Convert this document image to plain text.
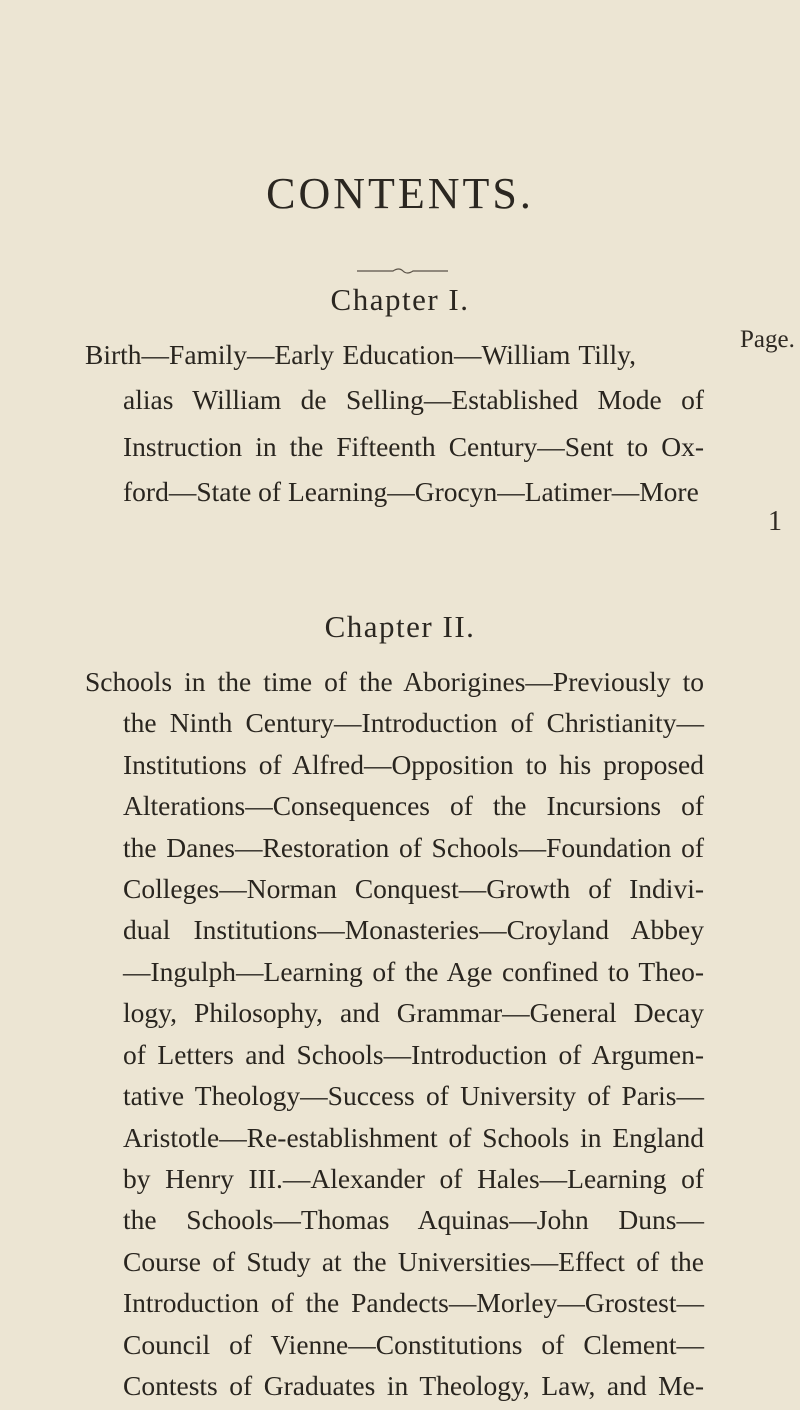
CONTENTS.
Chapter I.
Page.
Birth—Family—Early Education—William Tilly,
alias William de Selling—Established Mode of
Instruction in the Fifteenth Century—Sent to Ox-
ford—State of Learning—Grocyn—Latimer—More
1
Chapter II.
Schools in the time of the Aborigines—Previously to
the Ninth Century—Introduction of Christianity—
Institutions of Alfred—Opposition to his proposed
Alterations—Consequences of the Incursions of
the Danes—Restoration of Schools—Foundation of
Colleges—Norman Conquest—Growth of Indivi-
dual Institutions—Monasteries—Croyland Abbey
—Ingulph—Learning of the Age confined to Theo-
logy, Philosophy, and Grammar—General Decay
of Letters and Schools—Introduction of Argumen-
tative Theology—Success of University of Paris—
Aristotle—Re-establishment of Schools in England
by Henry III.—Alexander of Hales—Learning of
the Schools—Thomas Aquinas—John Duns—
Course of Study at the Universities—Effect of the
Introduction of the Pandects—Morley—Grostest—
Council of Vienne—Constitutions of Clement—
Contests of Graduates in Theology, Law, and Me-
